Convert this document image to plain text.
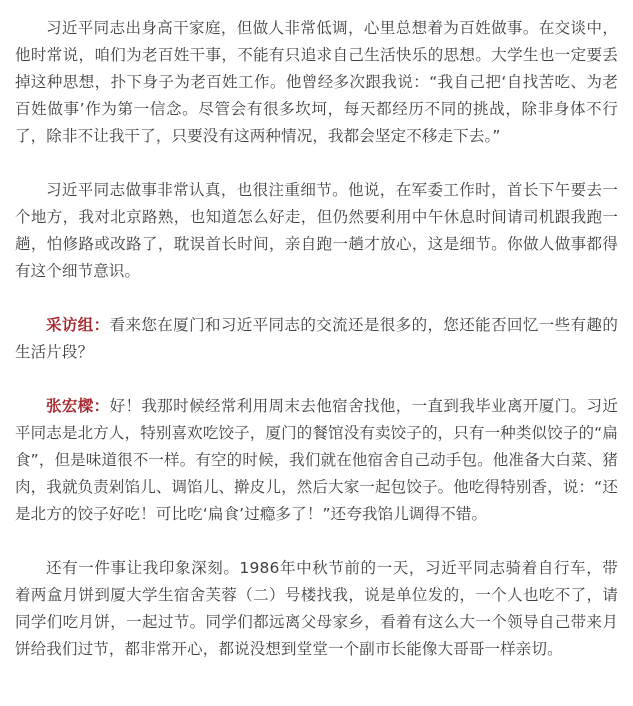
习近平同志出身高干家庭，但做人非常低调，心里总想着为百姓做事。在交谈中，他时常说，咱们为老百姓干事，不能有只追求自己生活快乐的思想。大学生也一定要丢掉这种思想，扑下身子为老百姓工作。他曾经多次跟我说：“我自己把‘自找苦吃、为老百姓做事’作为第一信念。尽管会有很多坎坷，每天都经历不同的挑战，除非身体不行了，除非不让我干了，只要没有这两种情况，我都会坚定不移走下去。”

习近平同志做事非常认真，也很注重细节。他说，在军委工作时，首长下午要去一个地方，我对北京路熟，也知道怎么好走，但仍然要利用中午休息时间请司机跟我跑一趟，怕修路或改路了，耽误首长时间，亲自跑一趟才放心，这是细节。你做人做事都得有这个细节意识。

采访组：看来您在厦门和习近平同志的交流还是很多的，您还能否回忆一些有趣的生活片段？

张宏樑：好！我那时候经常利用周末去他宿舍找他，一直到我毕业离开厦门。习近平同志是北方人，特别喜欢吃饺子，厦门的餐馆没有卖饺子的，只有一种类似饺子的“扁食”，但是味道很不一样。有空的时候，我们就在他宿舍自己动手包。他准备大白菜、猪肉，我就负责剁馅儿、调馅儿、擀皮儿，然后大家一起包饺子。他吃得特别香，说：“还是北方的饺子好吃！可比吃‘扁食’过瘾多了！”还夸我馅儿调得不错。

还有一件事让我印象深刻。1986年中秋节前的一天，习近平同志骑着自行车，带着两盒月饼到厦大学生宿舍芙蓉（二）号楼找我，说是单位发的，一个人也吃不了，请同学们吃月饼，一起过节。同学们都远离父母家乡，看着有这么大一个领导自己带来月饼给我们过节，都非常开心，都说没想到堂堂一个副市长能像大哥哥一样亲切。
